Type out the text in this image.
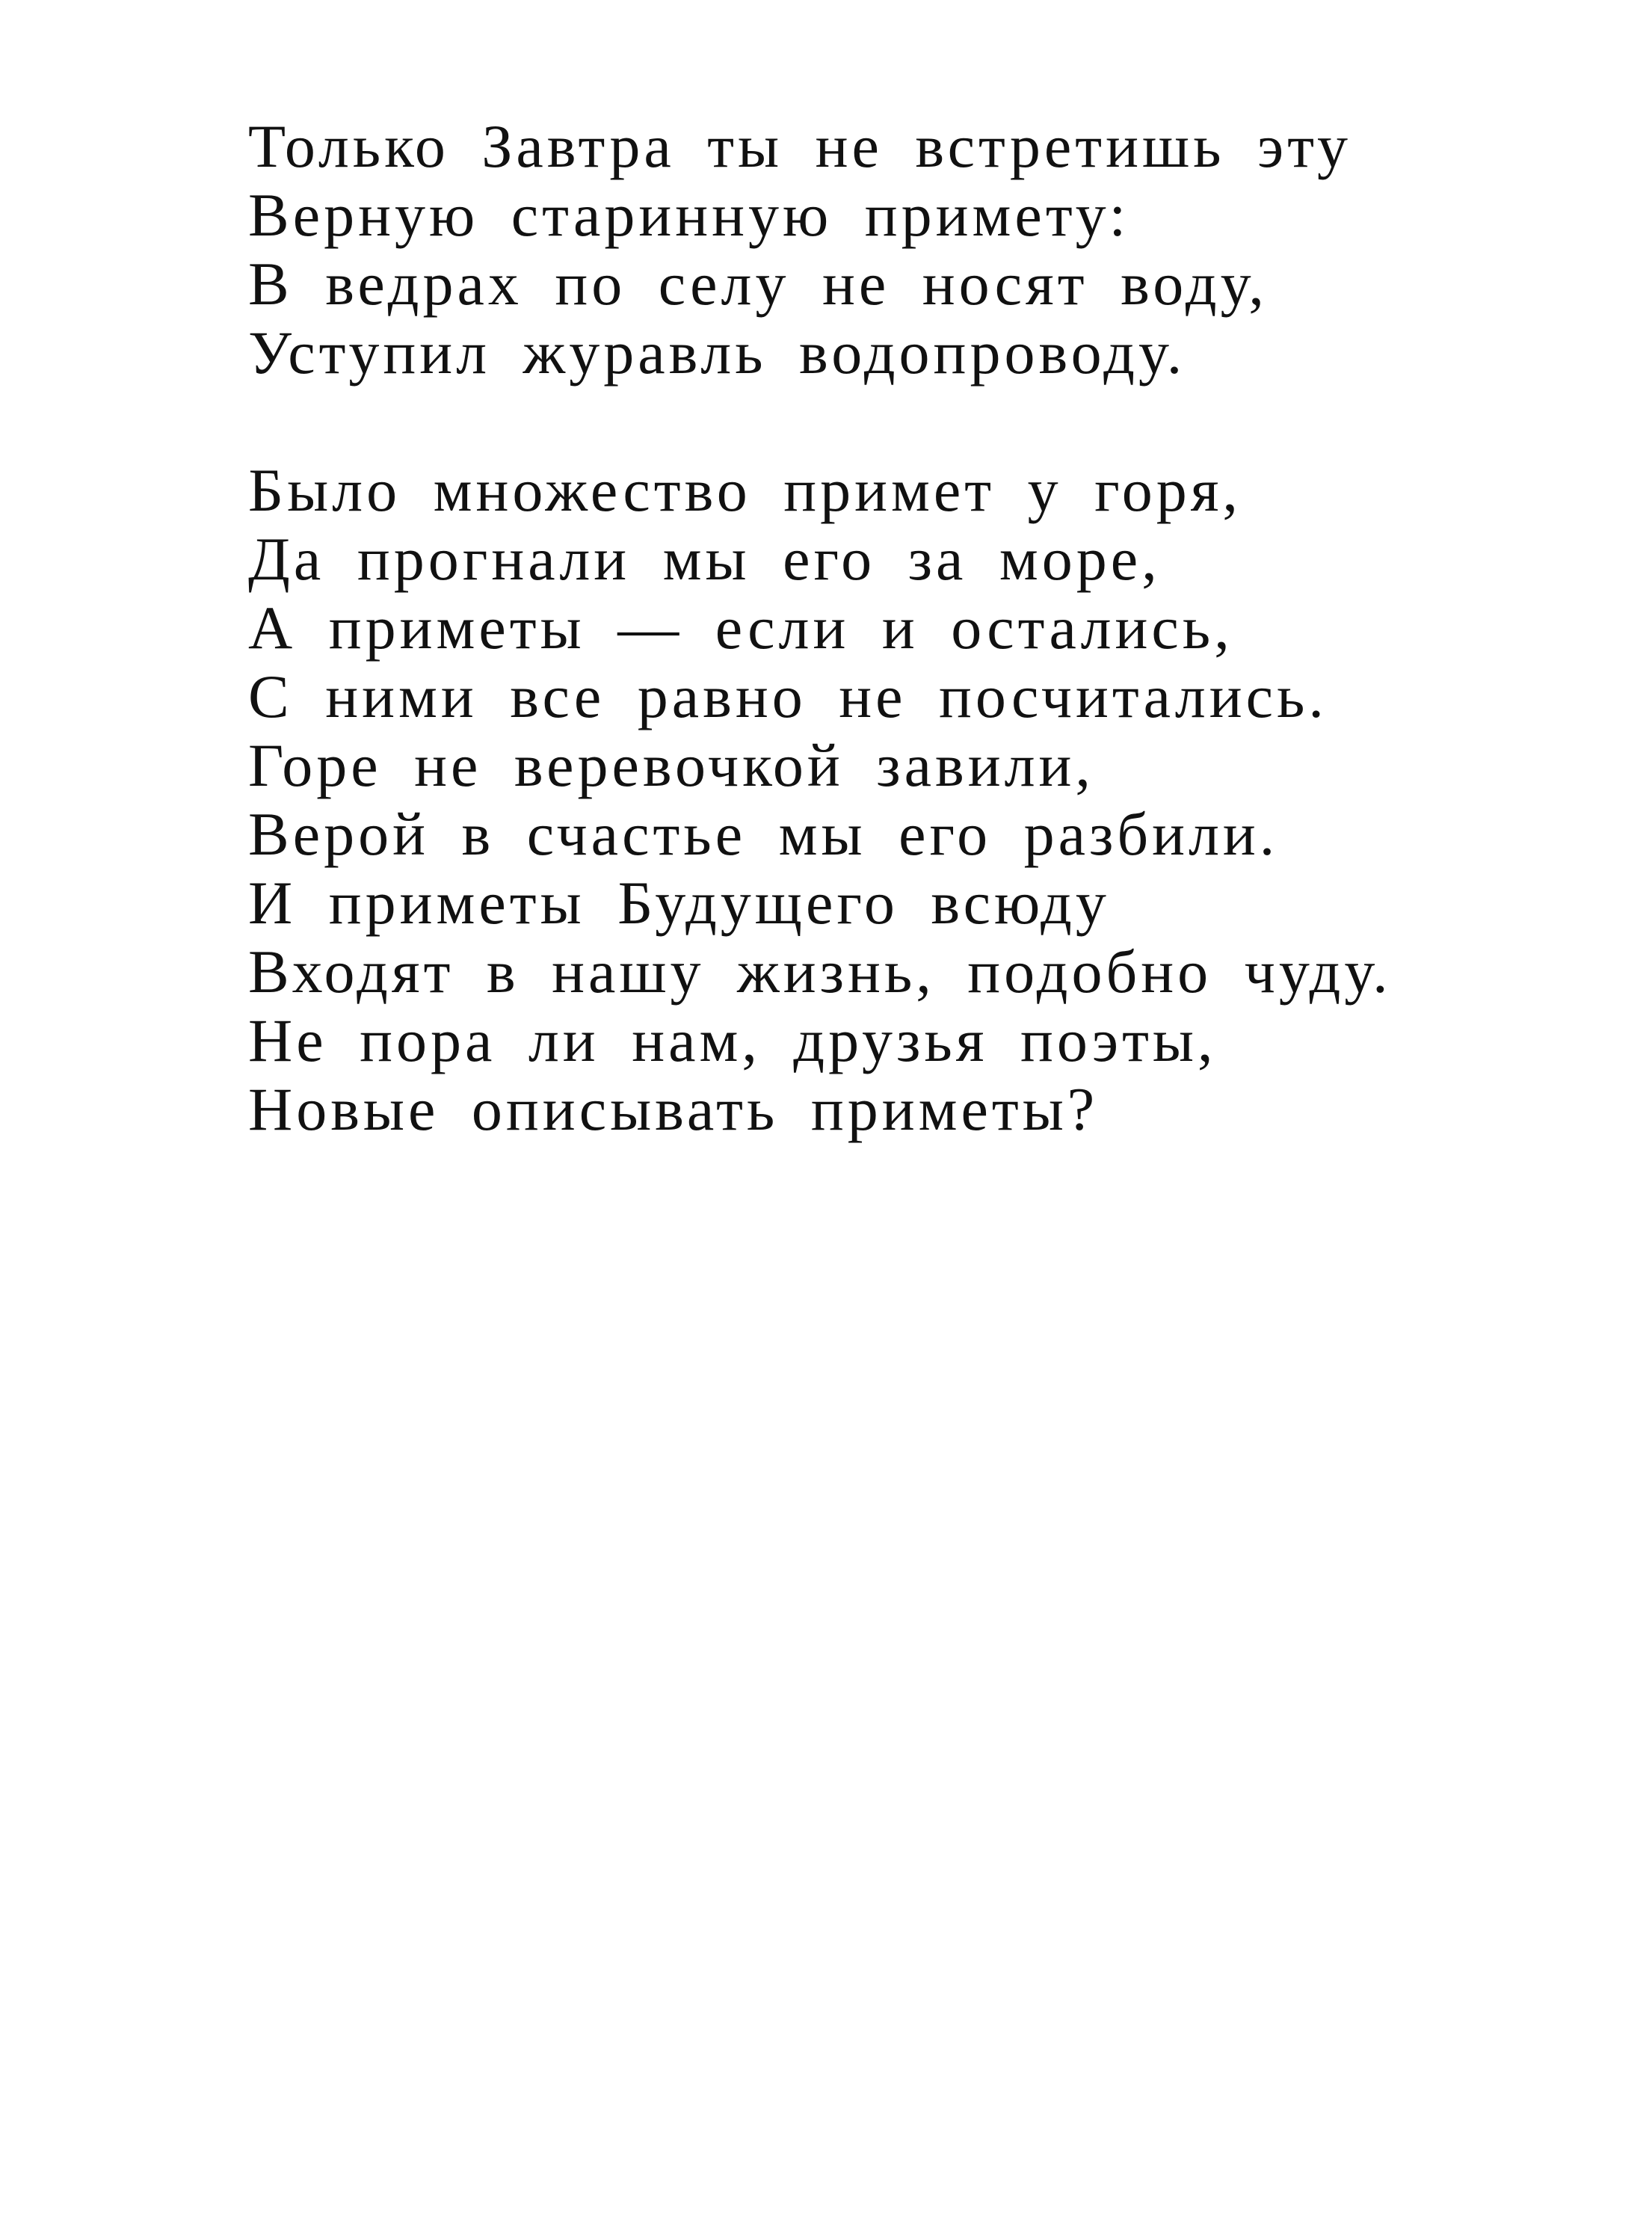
Только Завтра ты не встретишь эту
Верную старинную примету:
В ведрах по селу не носят воду,
Уступил журавль водопроводу.
Было множество примет у горя,
Да прогнали мы его за море,
А приметы — если и остались,
С ними все равно не посчитались.
Горе не веревочкой завили,
Верой в счастье мы его разбили.
И приметы Будущего всюду
Входят в нашу жизнь, подобно чуду.
Не пора ли нам, друзья поэты,
Новые описывать приметы?
